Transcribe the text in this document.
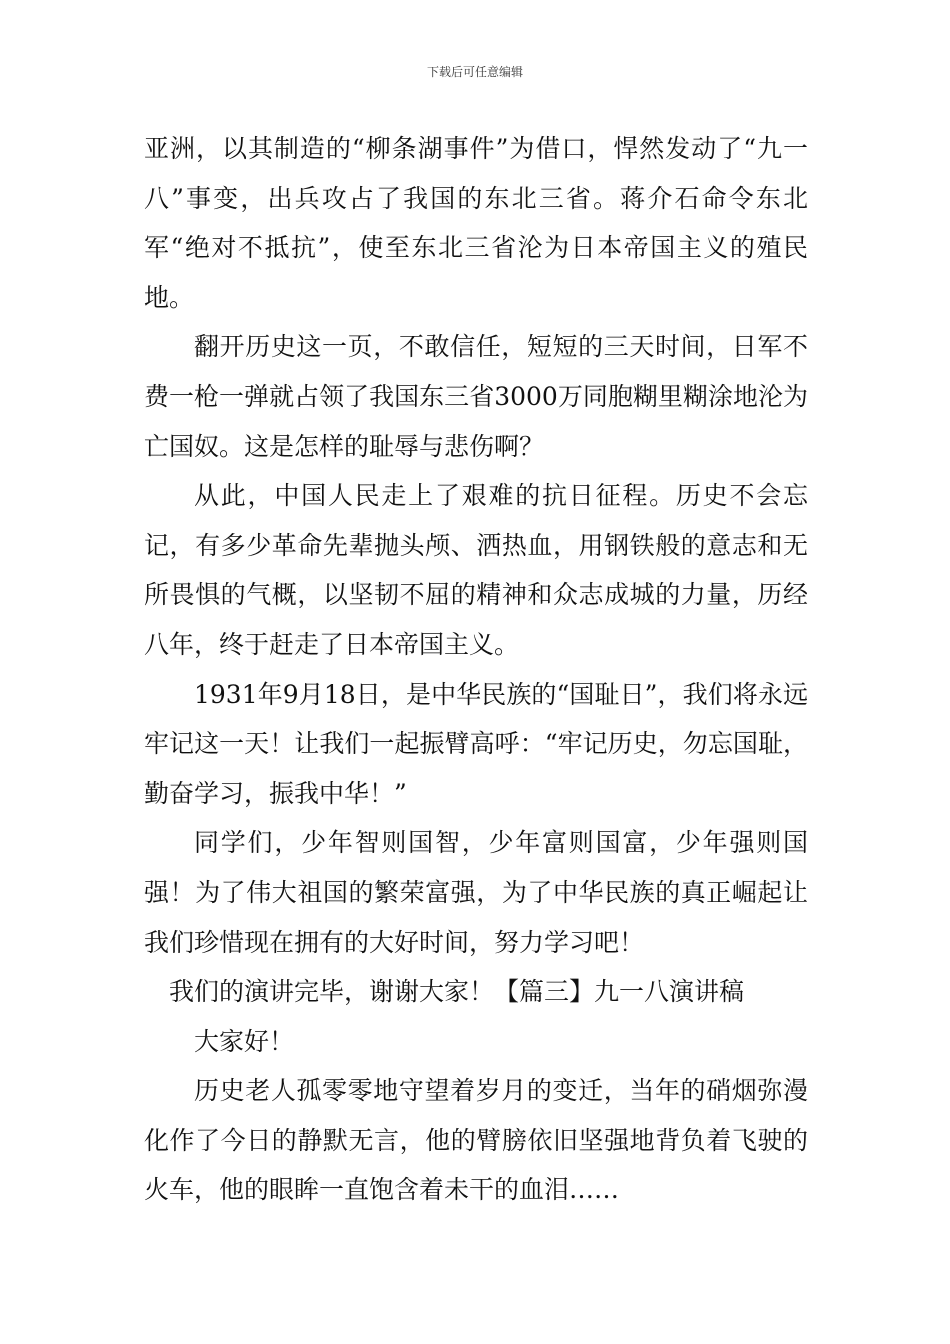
下载后可任意编辑

亚洲，以其制造的“柳条湖事件”为借口，悍然发动了“九一八”事变，出兵攻占了我国的东北三省。蒋介石命令东北军“绝对不抵抗”，使至东北三省沦为日本帝国主义的殖民地。

翻开历史这一页，不敢信任，短短的三天时间，日军不费一枪一弹就占领了我国东三省3000万同胞糊里糊涂地沦为亡国奴。这是怎样的耻辱与悲伤啊？

从此，中国人民走上了艰难的抗日征程。历史不会忘记，有多少革命先辈抛头颅、洒热血，用钢铁般的意志和无所畏惧的气概，以坚韧不屈的精神和众志成城的力量，历经八年，终于赶走了日本帝国主义。

1931年9月18日，是中华民族的“国耻日”，我们将永远牢记这一天！让我们一起振臂高呼：“牢记历史，勿忘国耻，勤奋学习，振我中华！”

同学们，少年智则国智，少年富则国富，少年强则国强！为了伟大祖国的繁荣富强，为了中华民族的真正崛起让我们珍惜现在拥有的大好时间，努力学习吧！

我们的演讲完毕，谢谢大家！【篇三】九一八演讲稿

大家好！

历史老人孤零零地守望着岁月的变迁，当年的硝烟弥漫化作了今日的静默无言，他的臂膀依旧坚强地背负着飞驶的火车，他的眼眸一直饱含着未干的血泪……
